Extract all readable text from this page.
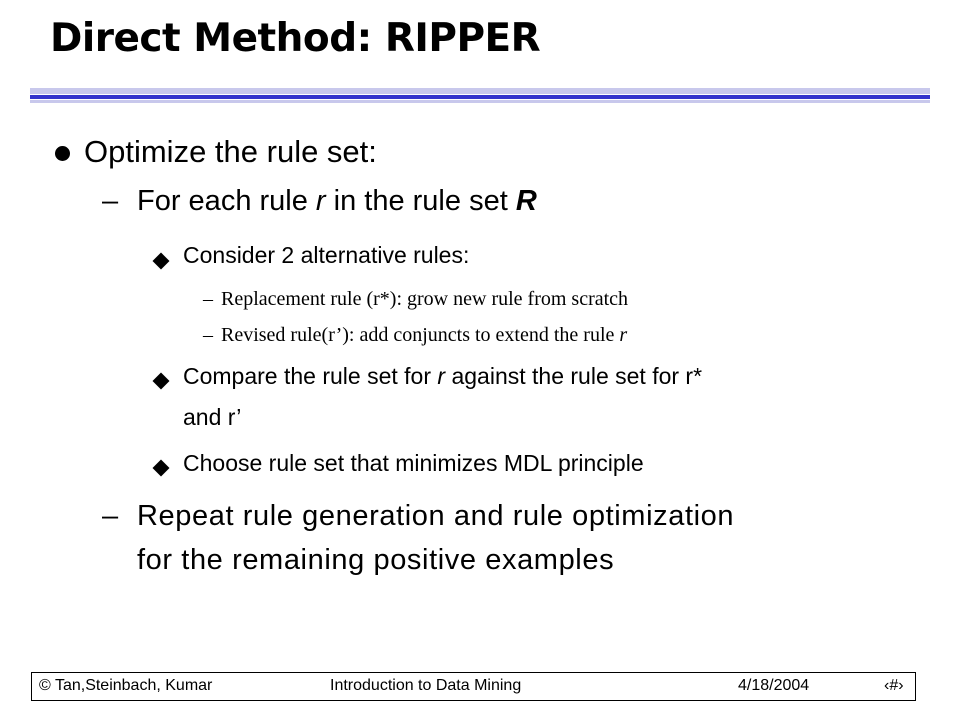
Direct Method: RIPPER
Optimize the rule set:
– For each rule r in the rule set R
Consider 2 alternative rules:
– Replacement rule (r*): grow new rule from scratch
– Revised rule(r’): add conjuncts to extend the rule r
Compare the rule set for r against the rule set for r*
and r’
Choose rule set that minimizes MDL principle
– Repeat rule generation and rule optimization
for the remaining positive examples
© Tan,Steinbach, Kumar	Introduction to Data Mining	4/18/2004	‹#›
